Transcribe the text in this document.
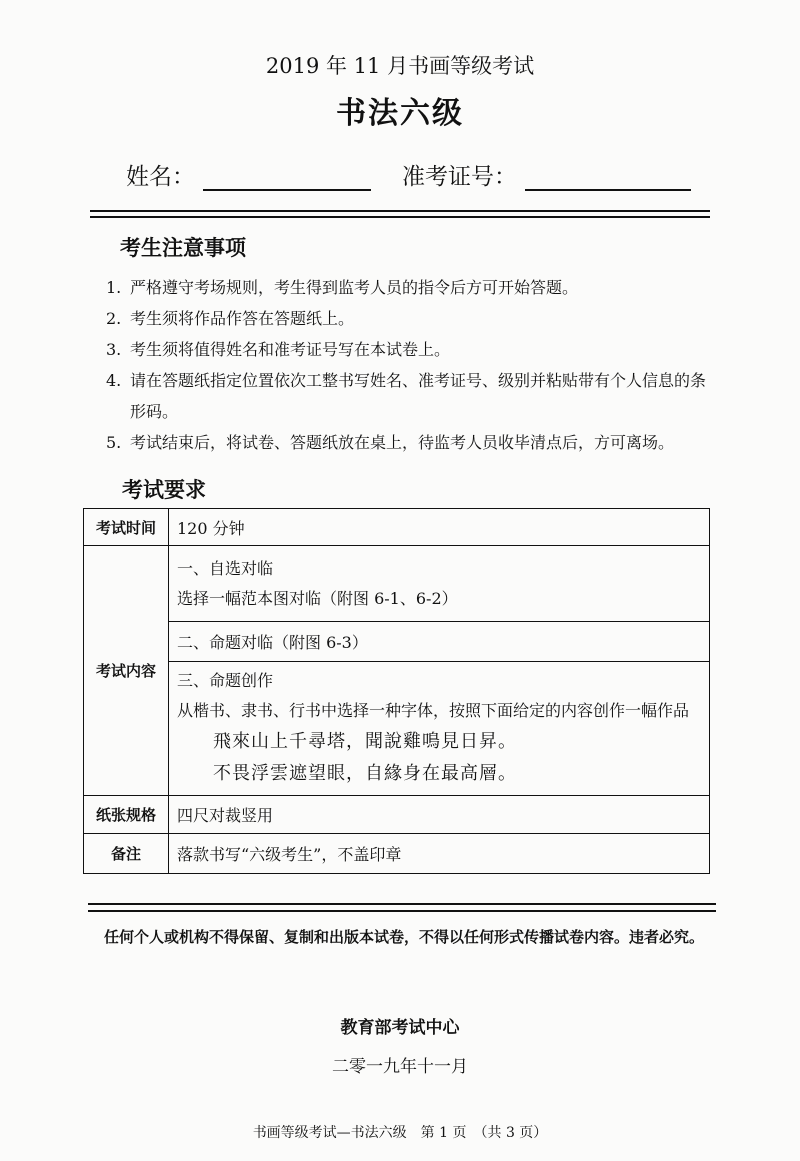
2019 年 11 月书画等级考试
书法六级
姓名：	准考证号：
考生注意事项
1. 严格遵守考场规则，考生得到监考人员的指令后方可开始答题。
2. 考生须将作品作答在答题纸上。
3. 考生须将值得姓名和准考证号写在本试卷上。
4. 请在答题纸指定位置依次工整书写姓名、准考证号、级别并粘贴带有个人信息的条形码。
5. 考试结束后，将试卷、答题纸放在桌上，待监考人员收毕清点后，方可离场。
考试要求
考试时间	120 分钟
考试内容	一、自选对临
选择一幅范本图对临（附图 6-1、6-2）

	二、命题对临（附图 6-3）

	三、命题创作
从楷书、隶书、行书中选择一种字体，按照下面给定的内容创作一幅作品
飛來山上千尋塔，聞說雞鳴見日昇。
不畏浮雲遮望眼，自緣身在最高層。

纸张规格	四尺对裁竖用
备注	落款书写“六级考生”，不盖印章
任何个人或机构不得保留、复制和出版本试卷，不得以任何形式传播试卷内容。违者必究。
教育部考试中心
二零一九年十一月
书画等级考试—书法六级　第 1 页　（共 3 页）
